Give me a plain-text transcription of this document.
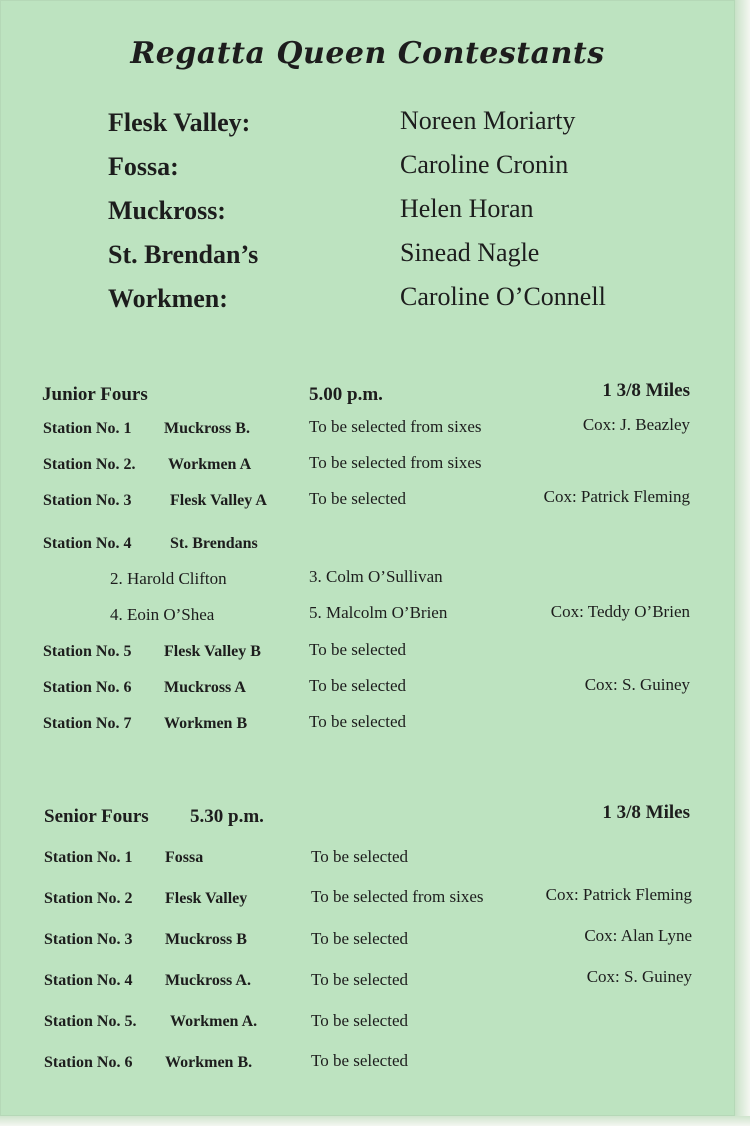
Regatta Queen Contestants
Flesk Valley:	Noreen Moriarty
Fossa:	Caroline Cronin
Muckross:	Helen Horan
St. Brendan’s	Sinead Nagle
Workmen:	Caroline O’Connell
Junior Fours	5.00 p.m.	1 3/8 Miles
Station No. 1 Muckross B.	To be selected from sixes	Cox: J. Beazley
Station No. 2. Workmen A	To be selected from sixes
Station No. 3 Flesk Valley A To be selected	Cox: Patrick Fleming
Station No. 4 St. Brendans
2. Harold Clifton	3. Colm O’Sullivan
4. Eoin O’Shea	5. Malcolm O’Brien	Cox: Teddy O’Brien
Station No. 5 Flesk Valley B	To be selected
Station No. 6 Muckross A	To be selected	Cox: S. Guiney
Station No. 7 Workmen B	To be selected
Senior Fours 5.30 p.m.	1 3/8 Miles
Station No. 1 Fossa	To be selected
Station No. 2 Flesk Valley	To be selected from sixes	Cox: Patrick Fleming
Station No. 3 Muckross B	To be selected	Cox: Alan Lyne
Station No. 4 Muckross A.	To be selected	Cox: S. Guiney
Station No. 5. Workmen A.	To be selected
Station No. 6 Workmen B.	To be selected
